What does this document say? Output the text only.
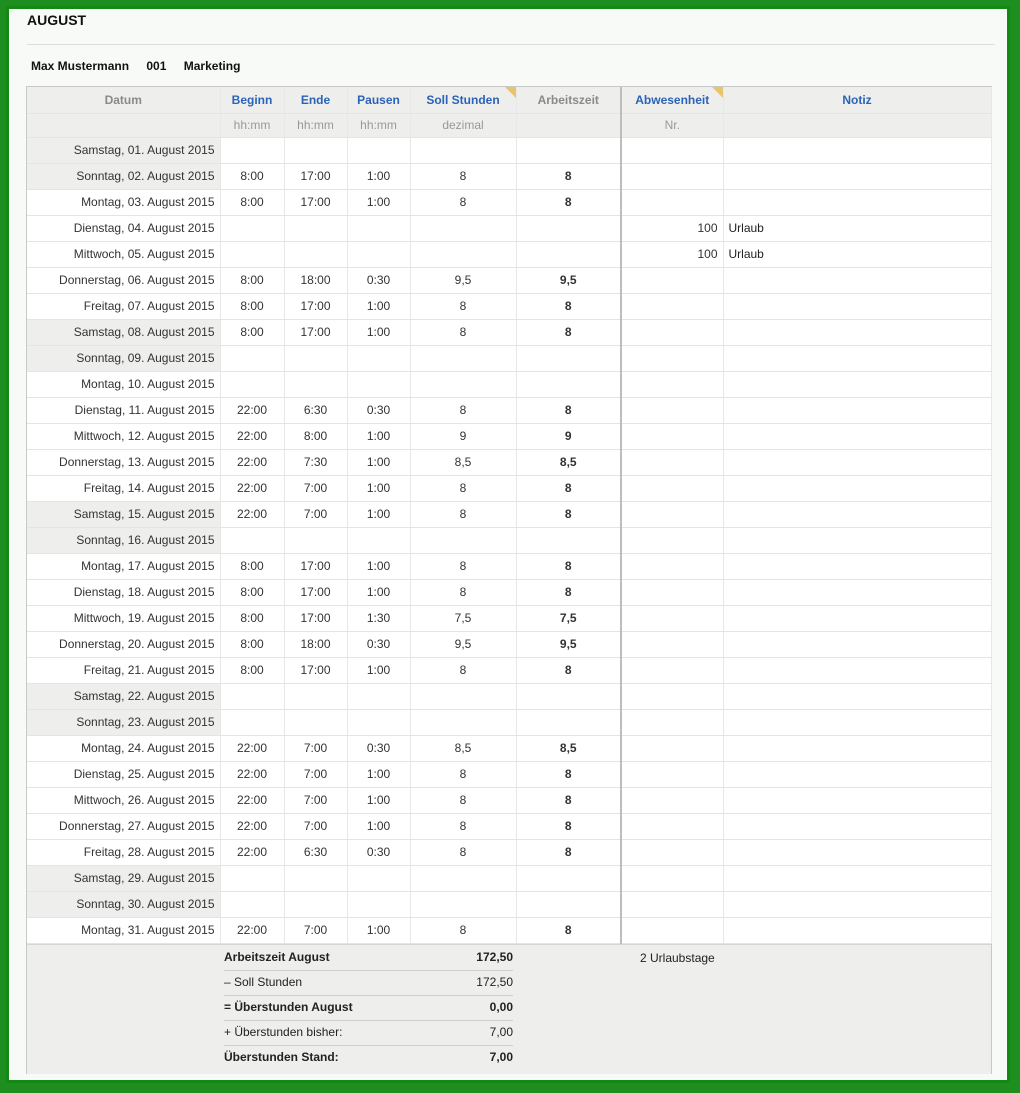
AUGUST
Max Mustermann 001 Marketing
Datum	Beginn	Ende	Pausen	Soll Stunden	Arbeitszeit	Abwesenheit	Notiz
	hh:mm	hh:mm	hh:mm	dezimal		Nr.	
Samstag, 01. August 2015							
Sonntag, 02. August 2015	8:00	17:00	1:00	8	8		
Montag, 03. August 2015	8:00	17:00	1:00	8	8		
Dienstag, 04. August 2015						100	Urlaub
Mittwoch, 05. August 2015						100	Urlaub
Donnerstag, 06. August 2015	8:00	18:00	0:30	9,5	9,5		
Freitag, 07. August 2015	8:00	17:00	1:00	8	8		
Samstag, 08. August 2015	8:00	17:00	1:00	8	8		
Sonntag, 09. August 2015							
Montag, 10. August 2015							
Dienstag, 11. August 2015	22:00	6:30	0:30	8	8		
Mittwoch, 12. August 2015	22:00	8:00	1:00	9	9		
Donnerstag, 13. August 2015	22:00	7:30	1:00	8,5	8,5		
Freitag, 14. August 2015	22:00	7:00	1:00	8	8		
Samstag, 15. August 2015	22:00	7:00	1:00	8	8		
Sonntag, 16. August 2015							
Montag, 17. August 2015	8:00	17:00	1:00	8	8		
Dienstag, 18. August 2015	8:00	17:00	1:00	8	8		
Mittwoch, 19. August 2015	8:00	17:00	1:30	7,5	7,5		
Donnerstag, 20. August 2015	8:00	18:00	0:30	9,5	9,5		
Freitag, 21. August 2015	8:00	17:00	1:00	8	8		
Samstag, 22. August 2015							
Sonntag, 23. August 2015							
Montag, 24. August 2015	22:00	7:00	0:30	8,5	8,5		
Dienstag, 25. August 2015	22:00	7:00	1:00	8	8		
Mittwoch, 26. August 2015	22:00	7:00	1:00	8	8		
Donnerstag, 27. August 2015	22:00	7:00	1:00	8	8		
Freitag, 28. August 2015	22:00	6:30	0:30	8	8		
Samstag, 29. August 2015							
Sonntag, 30. August 2015							
Montag, 31. August 2015	22:00	7:00	1:00	8	8		
Arbeitszeit August	172,50
– Soll Stunden	172,50
= Überstunden August	0,00
+ Überstunden bisher:	7,00
Überstunden Stand:	7,00
2 Urlaubstage
